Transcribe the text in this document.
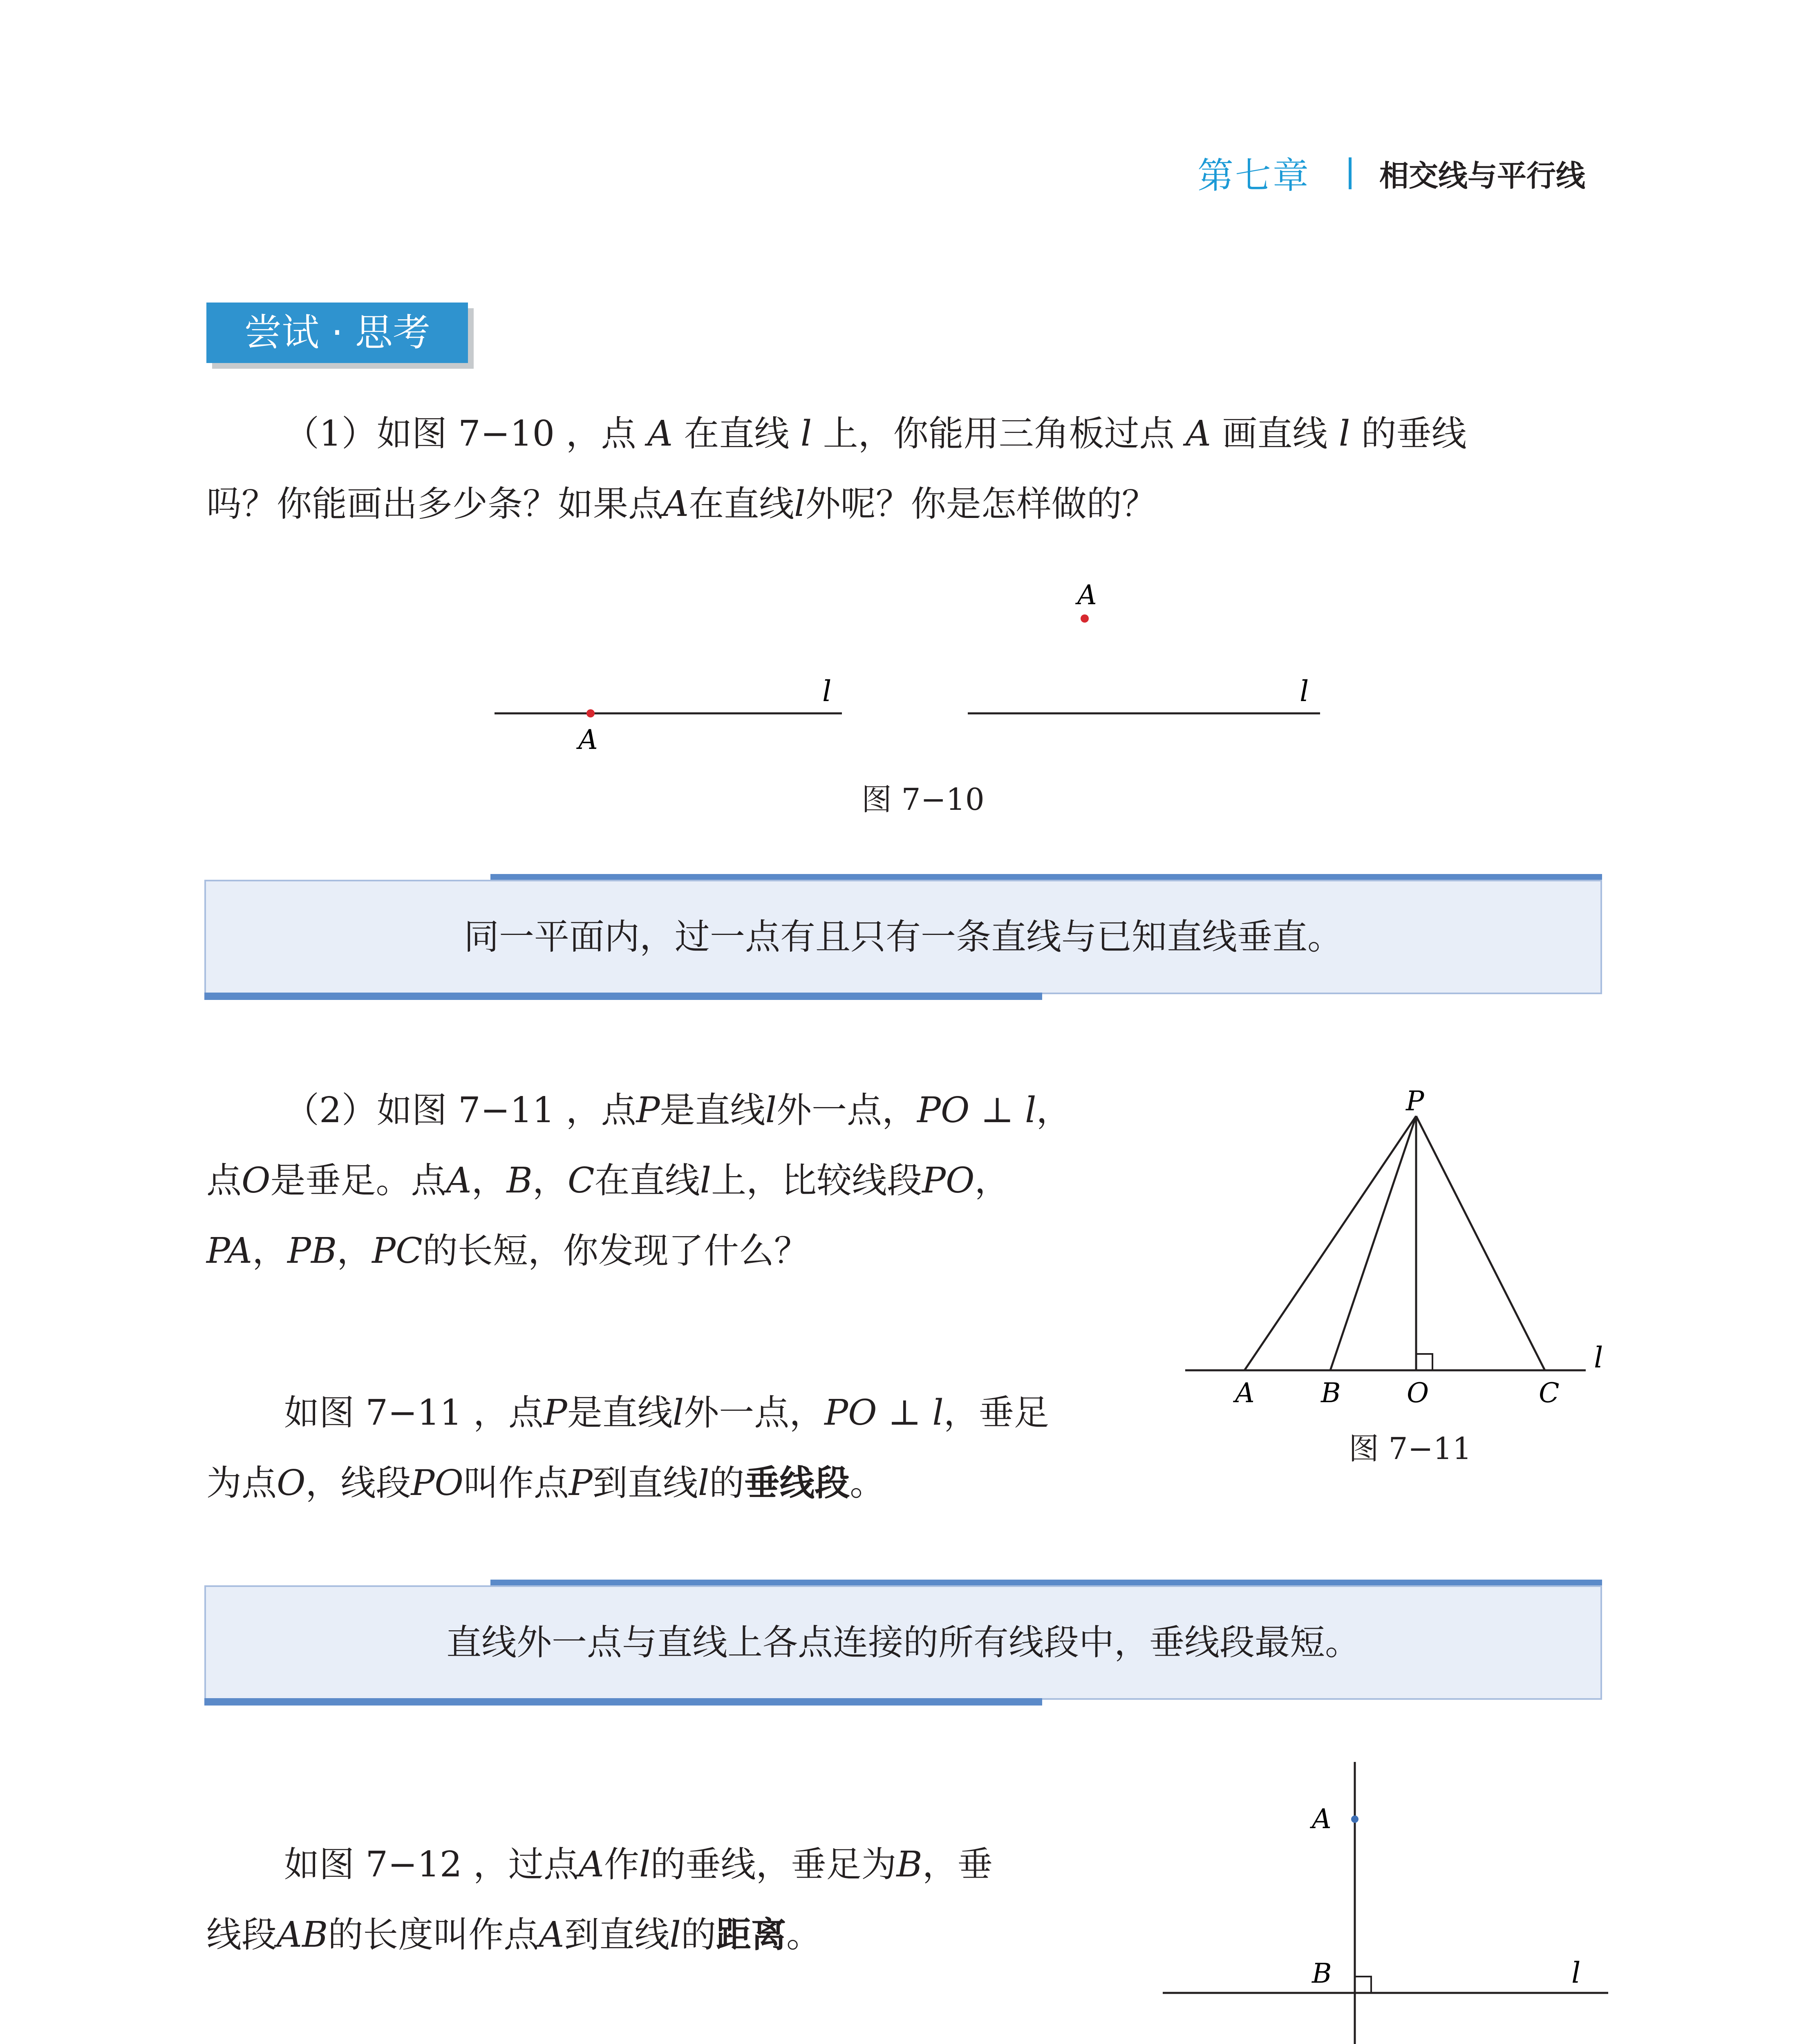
第七章 相交线与平行线
尝试 · 思考
（1）如图 7−10 ，点 A 在直线 l 上，你能用三角板过点 A 画直线 l 的垂线
吗？你能画出多少条？如果点A在直线l外呢？你是怎样做的？
A
l
A
l
图 7−10
同一平面内，过一点有且只有一条直线与已知直线垂直。
（2）如图 7−11 ，点P是直线l外一点，PO ⊥ l，
点O是垂足。点A，B，C在直线l上，比较线段PO，
PA，PB，PC的长短，你发现了什么？
P
A B O	C
l
图 7−11
如图 7−11 ，点P是直线l外一点，PO ⊥ l，垂足
为点O，线段PO叫作点P到直线l的垂线段。
直线外一点与直线上各点连接的所有线段中，垂线段最短。
如图 7−12 ，过点A作l的垂线，垂足为B，垂
线段AB的长度叫作点A到直线l的距离。
A
B	l
